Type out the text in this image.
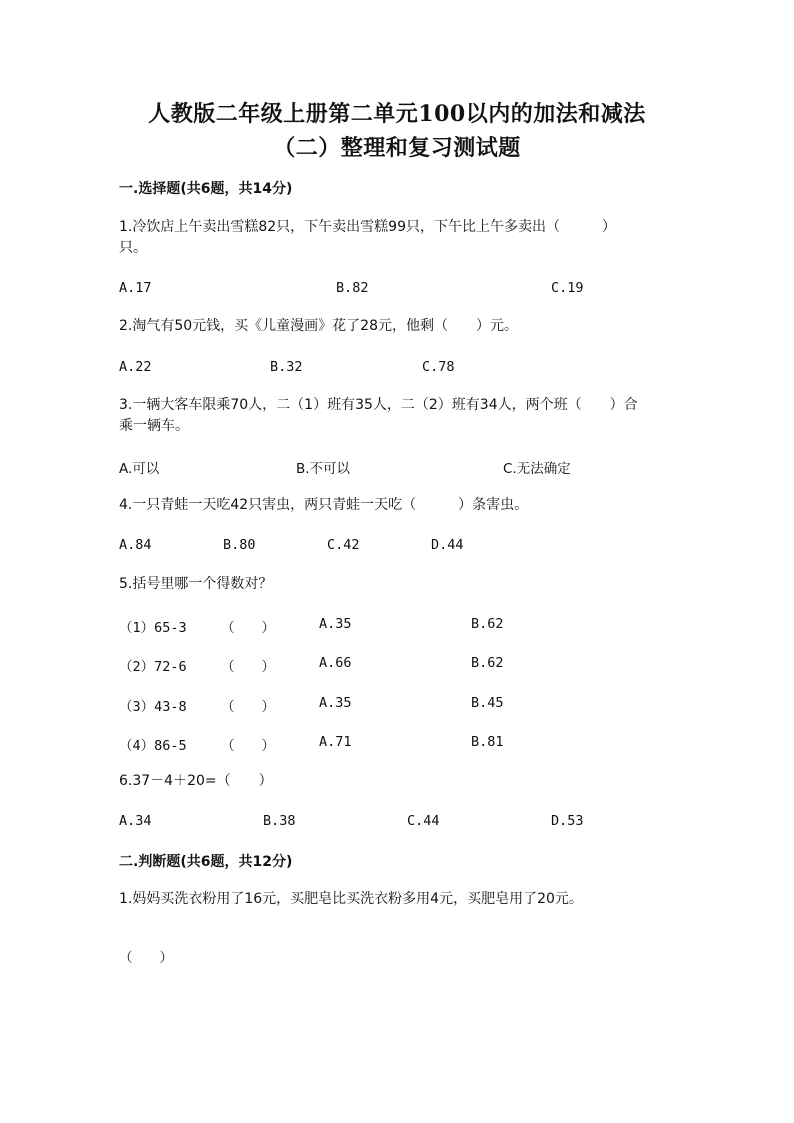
人教版二年级上册第二单元100以内的加法和减法
（二）整理和复习测试题
一.选择题(共6题，共14分)
1.冷饮店上午卖出雪糕82只，下午卖出雪糕99只，下午比上午多卖出（　　　）只。
A.17	B.82	C.19
2.淘气有50元钱，买《儿童漫画》花了28元，他剩（　　）元。
A.22	B.32	C.78
3.一辆大客车限乘70人，二（1）班有35人，二（2）班有34人，两个班（　　）合乘一辆车。
A.可以	B.不可以	C.无法确定
4.一只青蛙一天吃42只害虫，两只青蛙一天吃（　　　）条害虫。
A.84	B.80	C.42	D.44
5.括号里哪一个得数对？
（1）65-3	（　　）	A.35	B.62
（2）72-6	（　　）	A.66	B.62
（3）43-8	（　　）	A.35	B.45
（4）86-5	（　　）	A.71	B.81
6.37－4＋20=（　　）
A.34	B.38	C.44	D.53
二.判断题(共6题，共12分)
1.妈妈买洗衣粉用了16元，买肥皂比买洗衣粉多用4元，买肥皂用了20元。
（　　）
